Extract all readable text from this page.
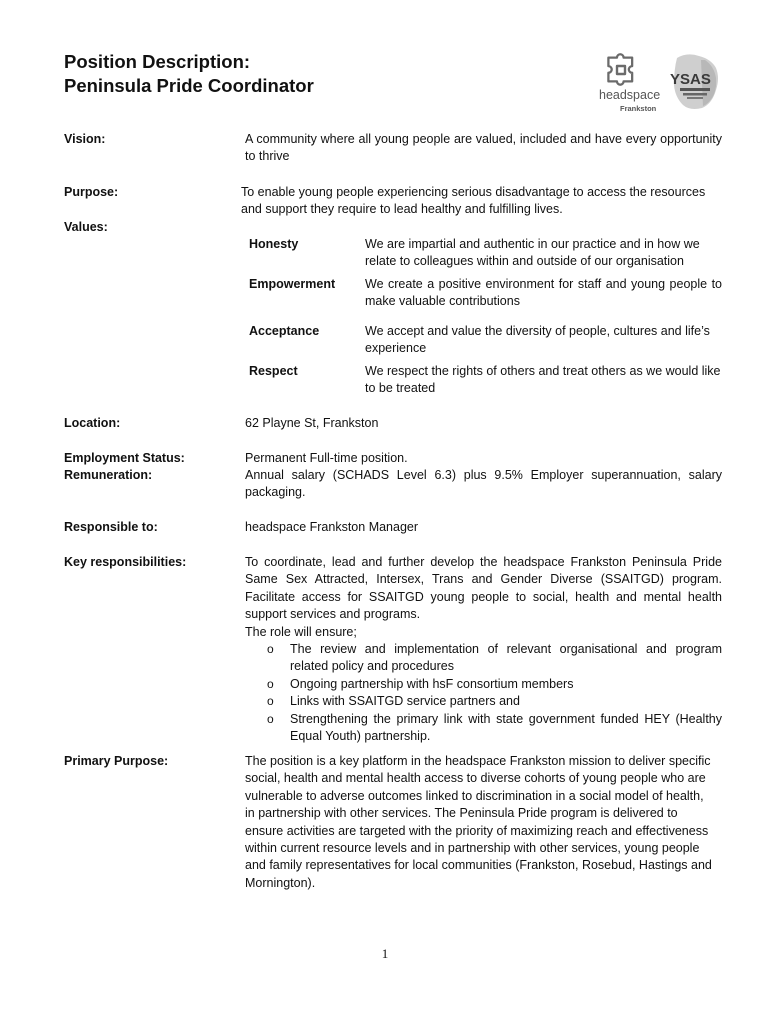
Position Description:
Peninsula Pride Coordinator	headspace
Frankston
YSAS
Vision:	A community where all young people are valued, included and have every opportunity to thrive
Purpose:	To enable young people experiencing serious disadvantage to access the resources
and support they require to lead healthy and fulfilling lives.
Values:
Honesty	We are impartial and authentic in our practice and in how we relate to colleagues within and outside of our organisation
Empowerment We create a positive environment for staff and young people to make valuable contributions
Acceptance	We accept and value the diversity of people, cultures and life’s experience
Respect	We respect the rights of others and treat others as we would like to be treated
Location:	62 Playne St, Frankston
Employment Status:	Permanent Full-time position.
Remuneration:	Annual salary (SCHADS Level 6.3) plus 9.5% Employer superannuation, salary packaging.
Responsible to:	headspace Frankston Manager
Key responsibilities:	To coordinate, lead and further develop the headspace Frankston Peninsula Pride Same Sex Attracted, Intersex, Trans and Gender Diverse (SSAITGD) program. Facilitate access for SSAITGD young people to social, health and mental health support services and programs.
The role will ensure;
o The review and implementation of relevant organisational and program related policy and procedures
o Ongoing partnership with hsF consortium members
o Links with SSAITGD service partners and
o Strengthening the primary link with state government funded HEY (Healthy Equal Youth) partnership.
Primary Purpose:	The position is a key platform in the headspace Frankston mission to deliver specific
social, health and mental health access to diverse cohorts of young people who are
vulnerable to adverse outcomes linked to discrimination in a social model of health,
in partnership with other services. The Peninsula Pride program is delivered to
ensure activities are targeted with the priority of maximizing reach and effectiveness
within current resource levels and in partnership with other services, young people
and family representatives for local communities (Frankston, Rosebud, Hastings and
Mornington).
1
